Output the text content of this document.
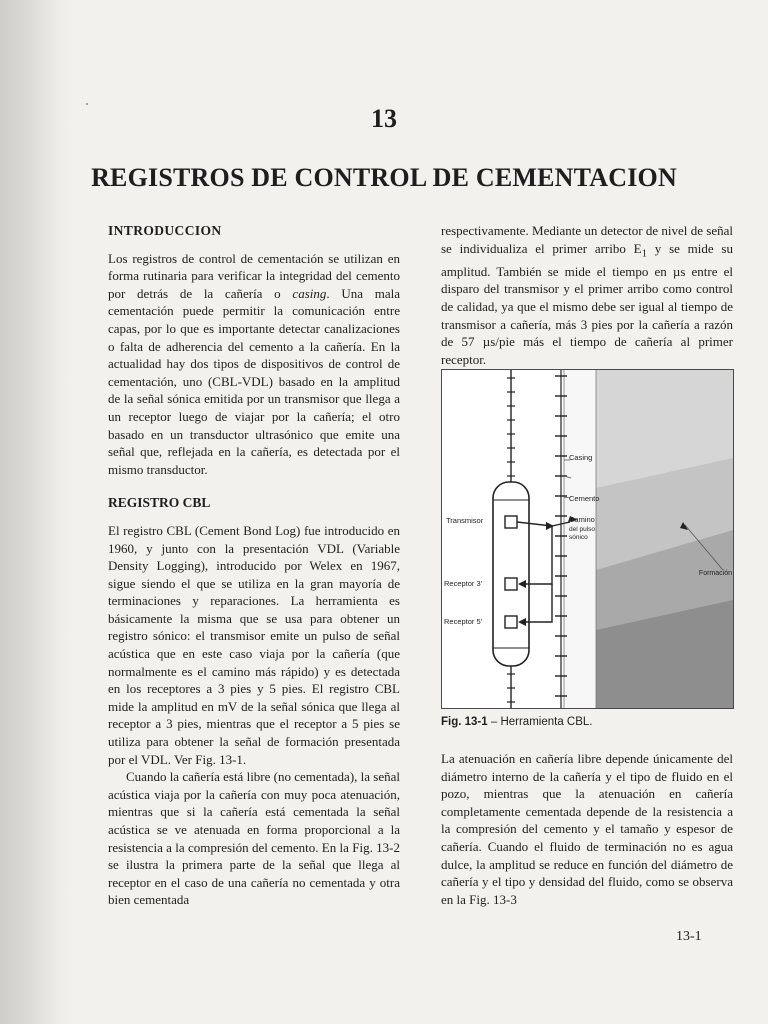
13
REGISTROS DE CONTROL DE CEMENTACION
INTRODUCCION

Los registros de control de cementación se utilizan en forma rutinaria para verificar la integridad del cemento por detrás de la cañería o casing. Una mala cementación puede permitir la comunicación entre capas, por lo que es importante detectar canalizaciones o falta de adherencia del cemento a la cañería. En la actualidad hay dos tipos de dispositivos de control de cementación, uno (CBL-VDL) basado en la amplitud de la señal sónica emitida por un transmisor que llega a un receptor luego de viajar por la cañería; el otro basado en un transductor ultrasónico que emite una señal que, reflejada en la cañería, es detectada por el mismo transductor.

REGISTRO CBL

El registro CBL (Cement Bond Log) fue introducido en 1960, y junto con la presentación VDL (Variable Density Logging), introducido por Welex en 1967, sigue siendo el que se utiliza en la gran mayoría de terminaciones y reparaciones. La herramienta es básicamente la misma que se usa para obtener un registro sónico: el transmisor emite un pulso de señal acústica que en este caso viaja por la cañería (que normalmente es el camino más rápido) y es detectada en los receptores a 3 pies y 5 pies. El registro CBL mide la amplitud en mV de la señal sónica que llega al receptor a 3 pies, mientras que el receptor a 5 pies se utiliza para obtener la señal de formación presentada por el VDL. Ver Fig. 13-1.

Cuando la cañería está libre (no cementada), la señal acústica viaja por la cañería con muy poca atenuación, mientras que si la cañería está cementada la señal acústica se ve atenuada en forma proporcional a la resistencia a la compresión del cemento. En la Fig. 13-2 se ilustra la primera parte de la señal que llega al receptor en el caso de una cañería no cementada y otra bien cementada

respectivamente. Mediante un detector de nivel de señal se individualiza el primer arribo $E_1$ y se mide su amplitud. También se mide el tiempo en µs entre el disparo del transmisor y el primer arribo como control de calidad, ya que el mismo debe ser igual al tiempo de transmisor a cañería, más 3 pies por la cañería a razón de 57 µs/pie más el tiempo de cañería al primer receptor.

Casing
Cemento
Camino
del pulso
sónico
Transmisor
Receptor 3'
Receptor 5'
Formación
Fig. 13-1 – Herramienta CBL.

La atenuación en cañería libre depende únicamente del diámetro interno de la cañería y el tipo de fluido en el pozo, mientras que la atenuación en cañería completamente cementada depende de la resistencia a la compresión del cemento y el tamaño y espesor de cañería. Cuando el fluido de terminación no es agua dulce, la amplitud se reduce en función del diámetro de cañería y el tipo y densidad del fluido, como se observa en la Fig. 13-3

13-1
